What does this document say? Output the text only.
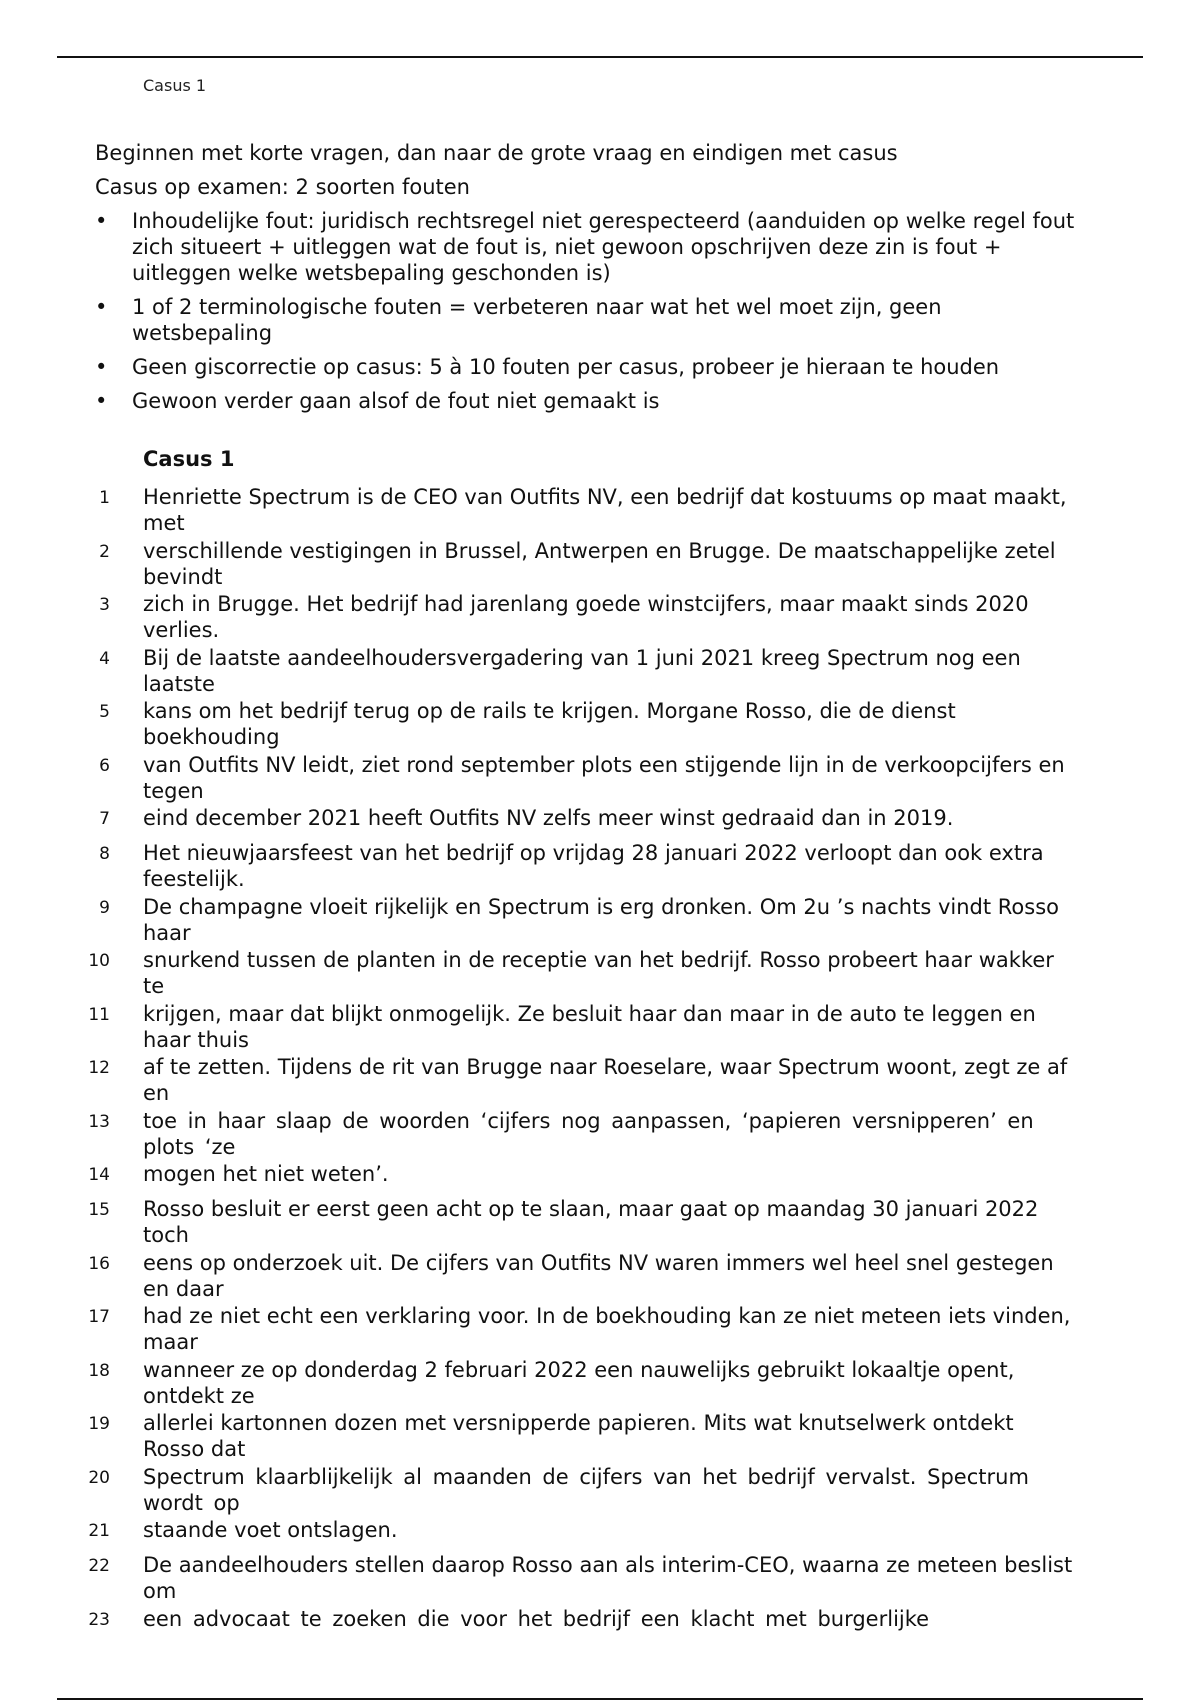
Casus 1

Beginnen met korte vragen, dan naar de grote vraag en eindigen met casus

Casus op examen: 2 soorten fouten

• Inhoudelijke fout: juridisch rechtsregel niet gerespecteerd (aanduiden op welke regel fout zich situeert + uitleggen wat de fout is, niet gewoon opschrijven deze zin is fout + uitleggen welke wetsbepaling geschonden is)
• 1 of 2 terminologische fouten = verbeteren naar wat het wel moet zijn, geen wetsbepaling
• Geen giscorrectie op casus: 5 à 10 fouten per casus, probeer je hieraan te houden
• Gewoon verder gaan alsof de fout niet gemaakt is
Casus 1
1 Henriette Spectrum is de CEO van Outfits NV, een bedrijf dat kostuums op maat maakt, met
2 verschillende vestigingen in Brussel, Antwerpen en Brugge. De maatschappelijke zetel bevindt
3 zich in Brugge. Het bedrijf had jarenlang goede winstcijfers, maar maakt sinds 2020 verlies.
4 Bij de laatste aandeelhoudersvergadering van 1 juni 2021 kreeg Spectrum nog een laatste
5 kans om het bedrijf terug op de rails te krijgen. Morgane Rosso, die de dienst boekhouding
6 van Outfits NV leidt, ziet rond september plots een stijgende lijn in de verkoopcijfers en tegen
7 eind december 2021 heeft Outfits NV zelfs meer winst gedraaid dan in 2019.
8 Het nieuwjaarsfeest van het bedrijf op vrijdag 28 januari 2022 verloopt dan ook extra feestelijk.
9 De champagne vloeit rijkelijk en Spectrum is erg dronken. Om 2u ’s nachts vindt Rosso haar
10 snurkend tussen de planten in de receptie van het bedrijf. Rosso probeert haar wakker te
11 krijgen, maar dat blijkt onmogelijk. Ze besluit haar dan maar in de auto te leggen en haar thuis
12 af te zetten. Tijdens de rit van Brugge naar Roeselare, waar Spectrum woont, zegt ze af en
13 toe in haar slaap de woorden ‘cijfers nog aanpassen, ‘papieren versnipperen’ en plots ‘ze
14 mogen het niet weten’.
15 Rosso besluit er eerst geen acht op te slaan, maar gaat op maandag 30 januari 2022 toch
16 eens op onderzoek uit. De cijfers van Outfits NV waren immers wel heel snel gestegen en daar
17 had ze niet echt een verklaring voor. In de boekhouding kan ze niet meteen iets vinden, maar
18 wanneer ze op donderdag 2 februari 2022 een nauwelijks gebruikt lokaaltje opent, ontdekt ze
19 allerlei kartonnen dozen met versnipperde papieren. Mits wat knutselwerk ontdekt Rosso dat
20 Spectrum klaarblijkelijk al maanden de cijfers van het bedrijf vervalst. Spectrum wordt op
21 staande voet ontslagen.
22 De aandeelhouders stellen daarop Rosso aan als interim-CEO, waarna ze meteen beslist om
23 een advocaat te zoeken die voor het bedrijf een klacht met burgerlijke
